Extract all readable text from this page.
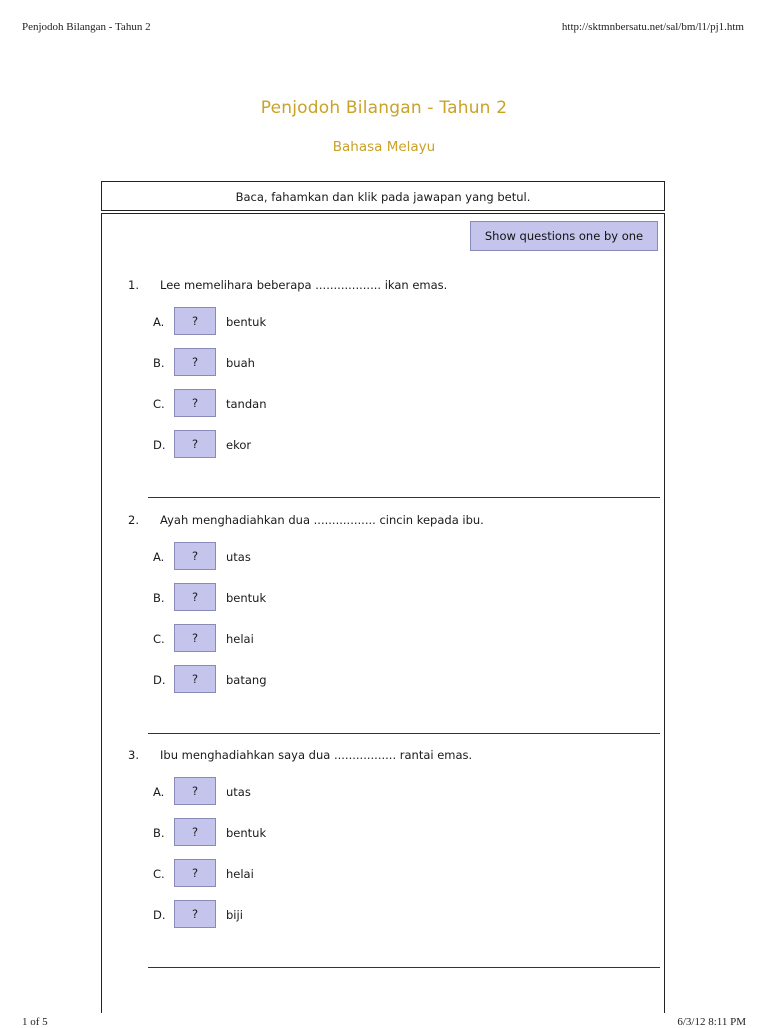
Penjodoh Bilangan - Tahun 2	http://sktmnbersatu.net/sal/bm/l1/pj1.htm
Penjodoh Bilangan - Tahun 2
Bahasa Melayu
Baca, fahamkan dan klik pada jawapan yang betul.
Show questions one by one
1. Lee memelihara beberapa .................. ikan emas.
A.	?	bentuk
B.	?	buah
C.	?	tandan
D.	?	ekor
2. Ayah menghadiahkan dua ................. cincin kepada ibu.
A.	?	utas
B.	?	bentuk
C.	?	helai
D.	?	batang
3. Ibu menghadiahkan saya dua ................. rantai emas.
A.	?	utas
B.	?	bentuk
C.	?	helai
D.	?	biji
1 of 5	6/3/12 8:11 PM
